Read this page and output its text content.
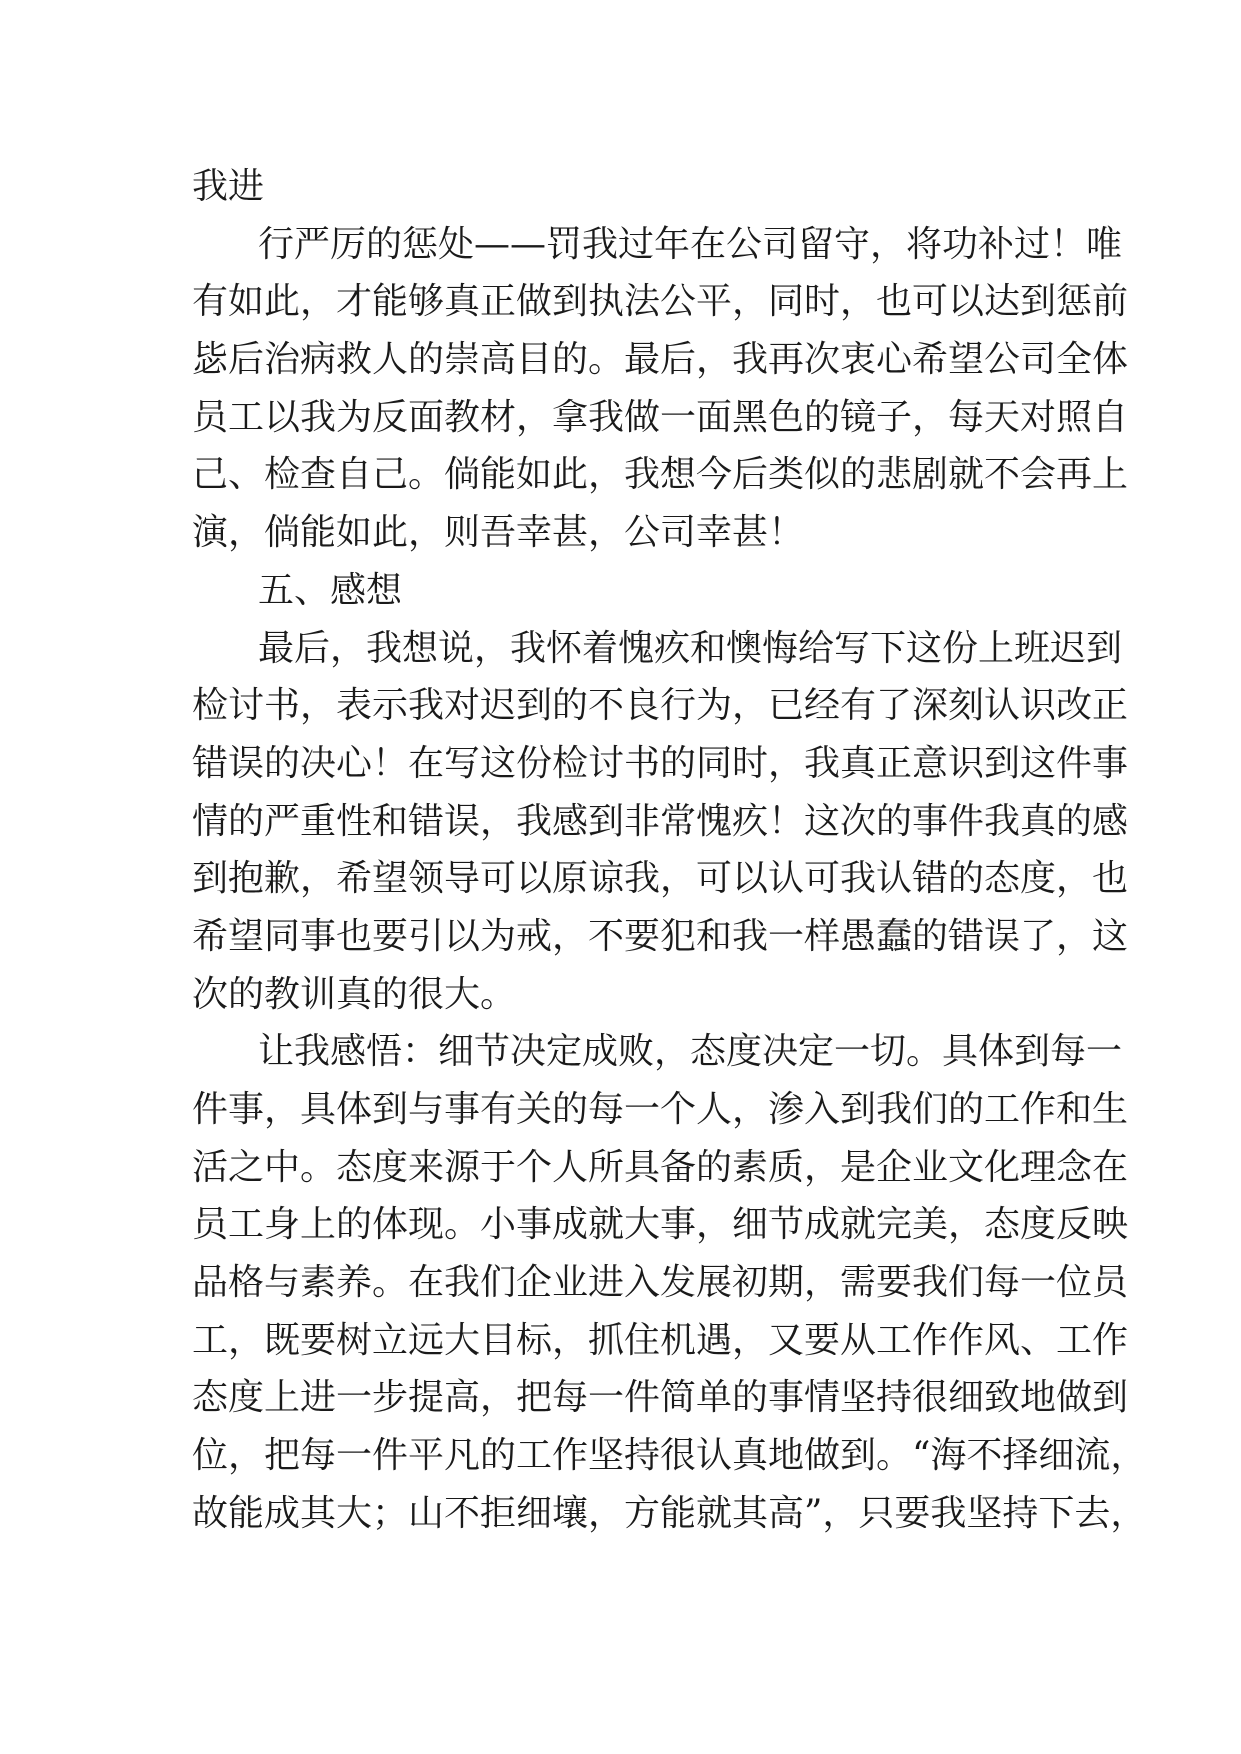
我进
行严厉的惩处——罚我过年在公司留守，将功补过！唯
有如此，才能够真正做到执法公平，同时，也可以达到惩前
毖后治病救人的崇高目的。最后，我再次衷心希望公司全体
员工以我为反面教材，拿我做一面黑色的镜子，每天对照自
己、检查自己。倘能如此，我想今后类似的悲剧就不会再上
演，倘能如此，则吾幸甚，公司幸甚！
五、感想
最后，我想说，我怀着愧疚和懊悔给写下这份上班迟到
检讨书，表示我对迟到的不良行为，已经有了深刻认识改正
错误的决心！在写这份检讨书的同时，我真正意识到这件事
情的严重性和错误，我感到非常愧疚！这次的事件我真的感
到抱歉，希望领导可以原谅我，可以认可我认错的态度，也
希望同事也要引以为戒，不要犯和我一样愚蠢的错误了，这
次的教训真的很大。
让我感悟：细节决定成败，态度决定一切。具体到每一
件事，具体到与事有关的每一个人，渗入到我们的工作和生
活之中。态度来源于个人所具备的素质，是企业文化理念在
员工身上的体现。小事成就大事，细节成就完美，态度反映
品格与素养。在我们企业进入发展初期，需要我们每一位员
工，既要树立远大目标，抓住机遇，又要从工作作风、工作
态度上进一步提高，把每一件简单的事情坚持很细致地做到
位，把每一件平凡的工作坚持很认真地做到。“海不择细流，
故能成其大；山不拒细壤，方能就其高”，只要我坚持下去，
